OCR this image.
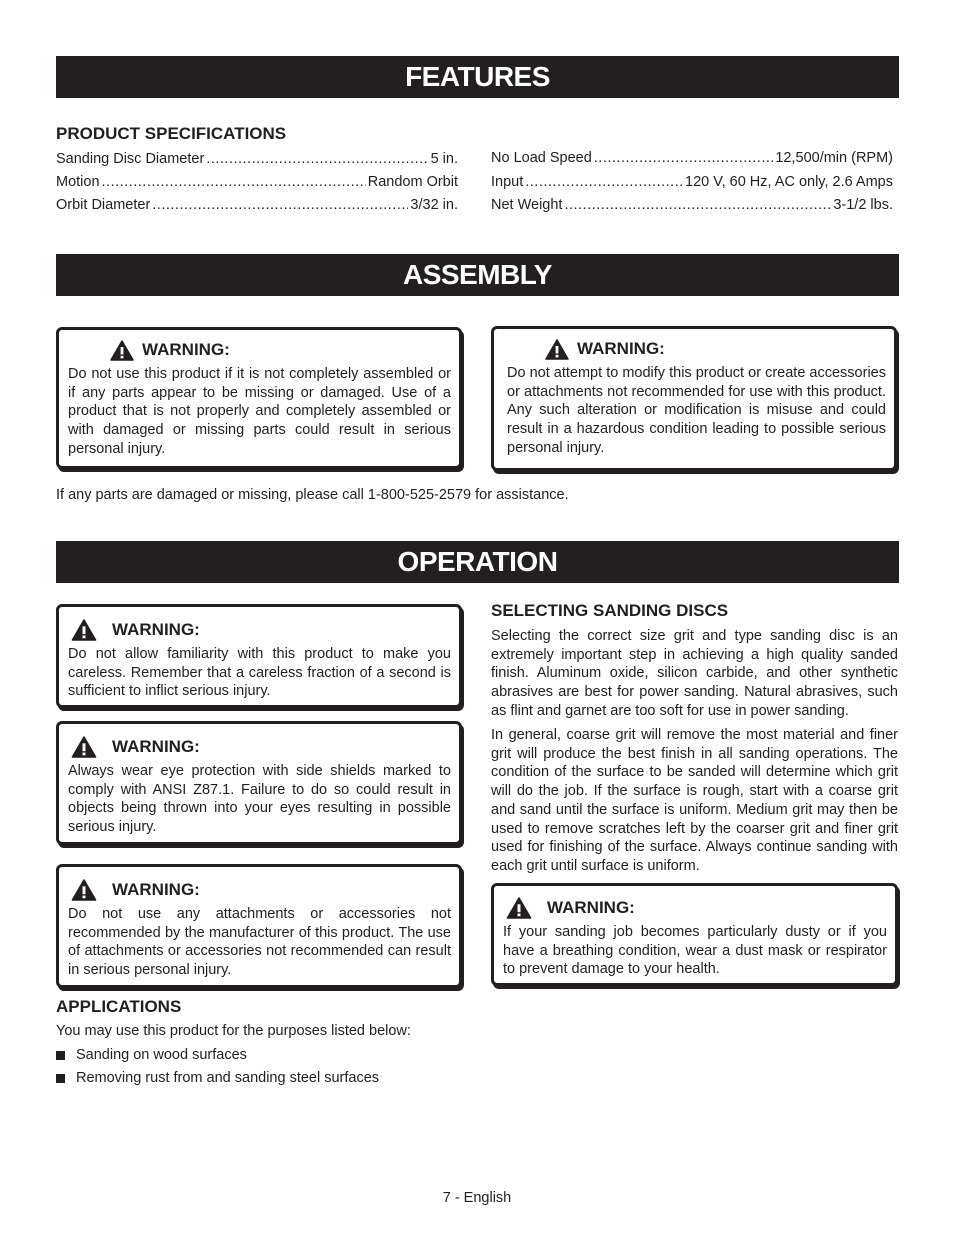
FEATURES
PRODUCT SPECIFICATIONS
Sanding Disc Diameter .....	5 in.
Motion .....	Random Orbit
Orbit Diameter .....	3/32 in.
No Load Speed .....	12,500/min (RPM)
Input .....	120 V, 60 Hz, AC only, 2.6 Amps
Net Weight .....	3-1/2 lbs.
ASSEMBLY
WARNING:
Do not use this product if it is not completely assembled or if any parts appear to be missing or damaged. Use of a product that is not properly and completely assembled or with damaged or missing parts could result in serious personal injury.
WARNING:
Do not attempt to modify this product or create accessories or attachments not recommended for use with this product. Any such alteration or modification is misuse and could result in a hazardous condition leading to possible serious personal injury.
If any parts are damaged or missing, please call 1-800-525-2579 for assistance.
OPERATION
WARNING:
Do not allow familiarity with this product to make you careless. Remember that a careless fraction of a second is sufficient to inflict serious injury.
WARNING:
Always wear eye protection with side shields marked to comply with ANSI Z87.1. Failure to do so could result in objects being thrown into your eyes resulting in possible serious injury.
WARNING:
Do not use any attachments or accessories not recommended by the manufacturer of this product. The use of attachments or accessories not recommended can result in serious personal injury.
APPLICATIONS
You may use this product for the purposes listed below:
Sanding on wood surfaces
Removing rust from and sanding steel surfaces
SELECTING SANDING DISCS
Selecting the correct size grit and type sanding disc is an extremely important step in achieving a high quality sanded finish. Aluminum oxide, silicon carbide, and other synthetic abrasives are best for power sanding. Natural abrasives, such as flint and garnet are too soft for use in power sanding.
In general, coarse grit will remove the most material and finer grit will produce the best finish in all sanding operations. The condition of the surface to be sanded will determine which grit will do the job. If the surface is rough, start with a coarse grit and sand until the surface is uniform. Medium grit may then be used to remove scratches left by the coarser grit and finer grit used for finishing of the surface. Always continue sanding with each grit until surface is uniform.
WARNING:
If your sanding job becomes particularly dusty or if you have a breathing condition, wear a dust mask or respirator to prevent damage to your health.
7 - English
